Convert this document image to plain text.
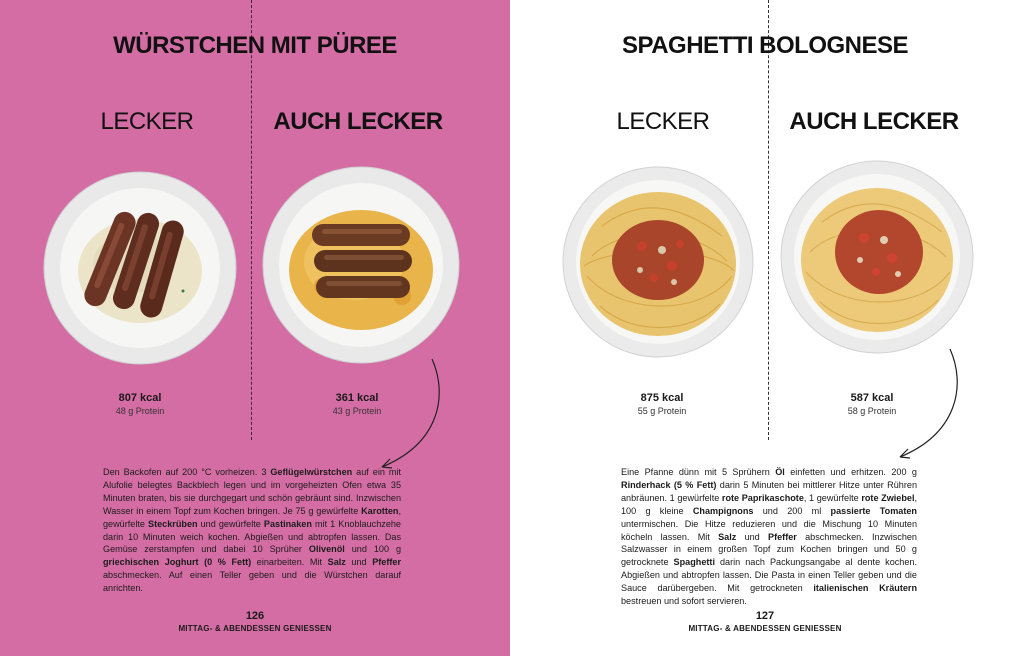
WÜRSTCHEN MIT PÜREE
LECKER	AUCH LECKER
807 kcal
48 g Protein
361 kcal
43 g Protein
Den Backofen auf 200 °C vorheizen. 3 Geflügelwürstchen auf ein mit Alufolie belegtes Backblech legen und im vorgeheizten Ofen etwa 35 Minuten braten, bis sie durchgegart und schön gebräunt sind. Inzwischen Wasser in einem Topf zum Kochen bringen. Je 75 g gewürfelte Karotten, gewürfelte Steckrüben und gewürfelte Pastinaken mit 1 Knoblauchzehe darin 10 Minuten weich kochen. Abgießen und abtropfen lassen. Das Gemüse zerstampfen und dabei 10 Sprüher Olivenöl und 100 g griechischen Joghurt (0 % Fett) einarbeiten. Mit Salz und Pfeffer abschmecken. Auf einen Teller geben und die Würstchen darauf anrichten.
126
MITTAG- & ABENDESSEN GENIESSEN
SPAGHETTI BOLOGNESE
LECKER	AUCH LECKER
875 kcal
55 g Protein
587 kcal
58 g Protein
Eine Pfanne dünn mit 5 Sprühern Öl einfetten und erhitzen. 200 g Rinderhack (5 % Fett) darin 5 Minuten bei mittlerer Hitze unter Rühren anbräunen. 1 gewürfelte rote Paprikaschote, 1 gewürfelte rote Zwiebel, 100 g kleine Champignons und 200 ml passierte Tomaten untermischen. Die Hitze reduzieren und die Mischung 10 Minuten köcheln lassen. Mit Salz und Pfeffer abschmecken. Inzwischen Salzwasser in einem großen Topf zum Kochen bringen und 50 g getrocknete Spaghetti darin nach Packungsangabe al dente kochen. Abgießen und abtropfen lassen. Die Pasta in einen Teller geben und die Sauce darübergeben. Mit getrockneten italienischen Kräutern bestreuen und sofort servieren.
127
MITTAG- & ABENDESSEN GENIESSEN
